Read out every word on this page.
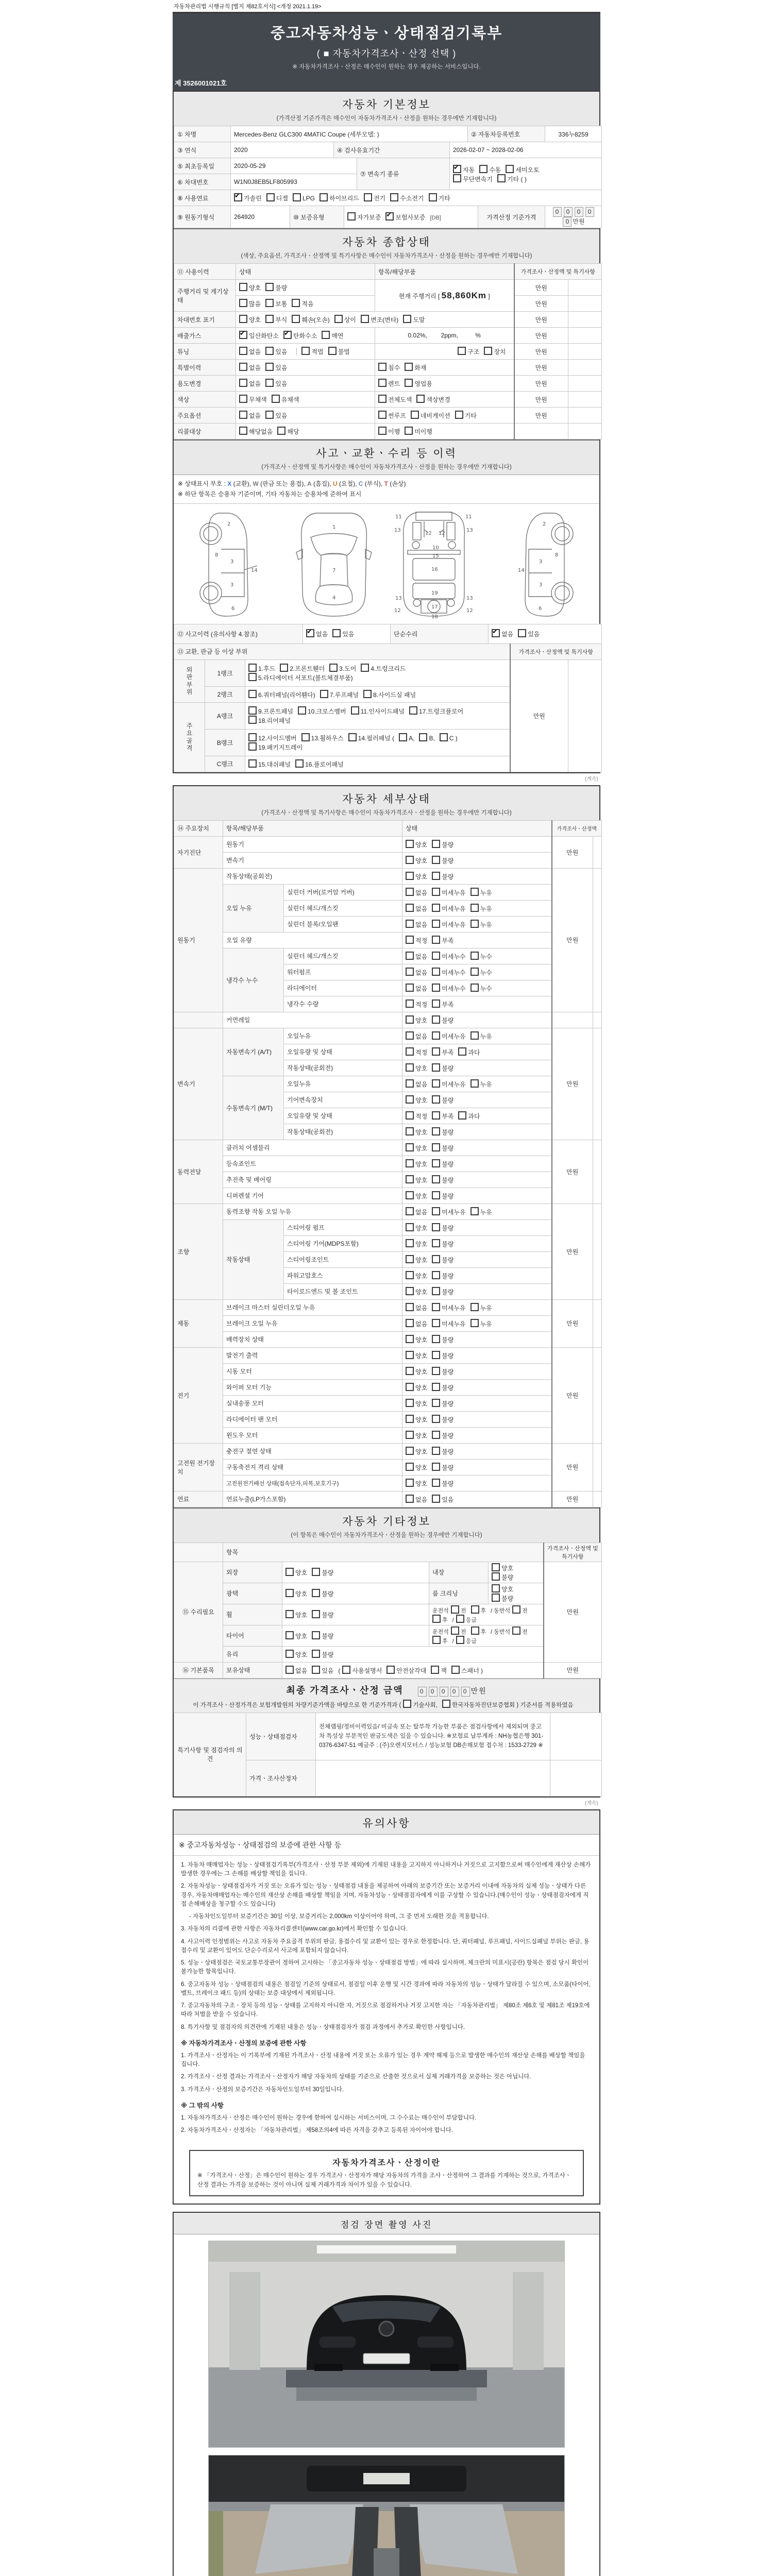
자동차관리법 시행규칙 [별지 제82호서식] <개정 2021.1.19>
중고자동차성능ㆍ상태점검기록부
( ■ 자동차가격조사ㆍ산정 선택 )
※ 자동차가격조사ㆍ산정은 매수인이 원하는 경우 제공하는 서비스입니다.
제 3526001021호
자동차 기본정보
(가격산정 기준가격은 매수인이 자동차가격조사ㆍ산정을 원하는 경우에만 기재합니다)
① 차명	Mercedes-Benz GLC300 4MATIC Coupe (세부모델: )	② 자동차등록번호	336누8259
③ 연식	2020	④ 검사유효기간	2026-02-07 ~ 2028-02-06
⑤ 최초등록일	2020-05-29	⑦ 변속기 종류	
✔자동 수동 세미오토
무단변속기 기타 ( )

⑥ 차대번호	W1N0J8EB5LF805993		
⑧ 사용연료	✔가솔린 디젤 LPG 하이브리드 전기 수소전기 기타
⑨ 원동기형식	264920	⑩ 보증유형	자가보증 ✔ 보험사보증 [DB]	가격산정 기준가격	0 0 0 00 만원
자동차 종합상태
(색상, 주요옵션, 가격조사ㆍ산정액 및 특기사항은 매수인이 자동차가격조사ㆍ산정을 원하는 경우에만 기재합니다)
⑪ 사용이력	상태	항목/해당부품	가격조사ㆍ산정액 및 특기사항	
주행거리 및 계기상태	양호 불량	현재 주행거리 [ 58,860Km ]	만원	
	많음 보통 적음		만원	
차대번호 표기	양호 부식 훼손(오손) 상이 변조(변타) 도말		만원	
배출가스	✔일산화탄소 ✔ 탄화수소 매연	0.02%,        2ppm,          %	만원	
튜닝	없음 있음 적법 불법	구조 장치	만원	
특별이력	없음 있음	침수 화재	만원	
용도변경	없음 있음	렌트 영업용	만원	
색상	무채색 유채색	전체도색 색상변경	만원	
주요옵션	없음 있음	썬루프 네비게이션 기타	만원	
리콜대상	해당없음 해당	이행 미이행		
사고ㆍ교환ㆍ수리 등 이력
(가격조사ㆍ산정액 및 특기사항은 매수인이 자동차가격조사ㆍ산정을 원하는 경우에만 기재합니다)
※ 상태표시 부호 : X (교환), W (판금 또는 용접), A (흠집), U (요철), C (부식), T (손상)
※ 하단 항목은 승용차 기준이며, 기타 자동차는 승용차에 준하여 표시
2
8
3
14
3
6
1
7
4
11	11
13	13
12 12
10
15
16
19
13	13
12	12
17
18
2
8
3
14
3
6
⑫ 사고이력 (유의사항 4.참조)	✔없음 있음	단순수리	✔없음 있음
⑬ 교환, 판금 등 이상 부위			가격조사ㆍ산정액 및 특기사항	

외판부위	1랭크	1.후드 2.프론트휀더 3.도어 4.트렁크리드5.라디에이터 서포트(볼트체결부품)	만원	
	2랭크	6.쿼터패널(리어휀다) 7.루프패널 8.사이드실 패널		

주요골격	A랭크	9.프론트패널 10.크로스멤버 11.인사이드패널 17.트렁크플로어18.리어패널		
	B랭크	12.사이드멤버 13.휠하우스 14.필러패널 ( A, B, C )19.패키지트레이		
	C랭크	15.대쉬패널 16.플로어패널		
(계속)
자동차 세부상태
(가격조사ㆍ산정액 및 특기사항은 매수인이 자동차가격조사ㆍ산정을 원하는 경우에만 기재합니다)
⑭ 주요장치	항목/해당부품		상태	가격조사ㆍ산정액	
자기진단	원동기		양호 불량	만원	
	변속기		양호 불량		
원동기	작동상태(공회전)		양호 불량	만원	
	오일 누유	실린더 커버(로커암 커버)	없음 미세누유 누유		
		실린더 헤드/개스킷	없음 미세누유 누유		
		실린더 블록/오일팬	없음 미세누유 누유		
	오일 유량		적정 부족		
	냉각수 누수	실린더 헤드/개스킷	없음 미세누수 누수		
		워터펌프	없음 미세누수 누수		
		라디에이터	없음 미세누수 누수		
		냉각수 수량	적정 부족		
	커먼레일		양호 불량		
변속기	자동변속기 (A/T)	오일누유	없음 미세누유 누유	만원	
		오일유량 및 상태	적정 부족 과다		
		작동상태(공회전)	양호 불량		
	수동변속기 (M/T)	오일누유	없음 미세누유 누유		
		기어변속장치	양호 불량		
		오일유량 및 상태	적정 부족 과다		
		작동상태(공회전)	양호 불량		
동력전달	클러치 어셈블리		양호 불량	만원	
	등속죠인트		양호 불량		
	추진축 및 베어링		양호 불량		
	디퍼렌셜 기어		양호 불량		
조향	동력조향 작동 오일 누유		없음 미세누유 누유	만원	
	작동상태	스티어링 펌프	양호 불량		
		스티어링 기어(MDPS포함)	양호 불량		
		스티어링조인트	양호 불량		
		파워고압호스	양호 불량		
		타이로드엔드 및 볼 조인트	양호 불량		
제동	브레이크 마스터 실린더오일 누유		없음 미세누유 누유	만원	
	브레이크 오일 누유		없음 미세누유 누유		
	배력장치 상태		양호 불량		
전기	발전기 출력		양호 불량	만원	
	시동 모터		양호 불량		
	와이퍼 모터 기능		양호 불량		
	실내송풍 모터		양호 불량		
	라디에이터 팬 모터		양호 불량		
	윈도우 모터		양호 불량		
고전원 전기장치	충전구 절연 상태		양호 불량	만원	
	구동축전지 격리 상태		양호 불량		
	고전원전기배선 상태(접속단자,피복,보호기구)		양호 불량		
연료	연료누출(LP가스포함)		없음 있음	만원	
자동차 기타정보
(이 항목은 매수인이 자동차가격조사ㆍ산정을 원하는 경우에만 기재합니다)
	항목				가격조사ㆍ산정액 및 특기사항
⑮ 수리필요	외장	양호 불량	내장	양호불량	만원
	광택	양호 불량	룸 크리닝	양호불량	
	휠	양호 불량	운전석 전 후 / 동반석 전후 / 응급		
	타이어	양호 불량	운전석 전 후 / 동반석 전후 / 응급		
	유리	양호 불량			
⑯ 기본품목	보유상태	없음 있음 ( 사용설명서 안전삼각대 잭 스패너 )			만원
최종 가격조사ㆍ산정 금액	0 0 0 0 0 만원
이 가격조사ㆍ산정가격은 보험개발원의 차량기준가액을 바탕으로 한 기준가격과 ( 기술사회, 한국자동차진단보증협회 ) 기준서를 적용하였음
특기사항 및 점검자의 의견	성능ㆍ상태점검자	전체랩핑/정비이력있음/ 비금속 또는 탈부착 가능한 부품은 점검사항에서 제외되며 중고차 특성상 부분적인 판금도색은 있을 수 있습니다. ※보험료 납부계좌 : NH농협은행 301-0376-6347-51 예금주 : (주)오렌지모터스 / 성능보험 DB손해보험 접수처 : 1533-2729 ※	
	가격ㆍ조사산정자		
(계속)
유의사항
※ 중고자동차성능ㆍ상태점검의 보증에 관한 사항 등
1. 자동차 매매업자는 성능ㆍ상태점검기록부(가격조사ㆍ산정 부분 제외)에 기재된 내용을 고지하지 아니하거나 거짓으로 고지함으로써 매수인에게 재산상 손해가 발생한 경우에는 그 손해를 배상할 책임을 집니다.
2. 자동차성능ㆍ상태점검자가 거짓 또는 오류가 있는 성능ㆍ상태점검 내용을 제공하여 아래의 보증기간 또는 보증거리 이내에 자동차의 실제 성능ㆍ상태가 다른 경우, 자동차매매업자는 매수인의 재산상 손해를 배상할 책임을 지며, 자동차성능ㆍ상태점검자에게 이를 구상할 수 있습니다.(매수인이 성능ㆍ상태점검자에게 직접 손해배상을 청구할 수도 있습니다)
- 자동차인도일부터 보증기간은 30일 이상, 보증거리는 2,000km 이상이어야 하며, 그 중 먼저 도래한 것을 적용합니다.
3. 자동차의 리콜에 관한 사항은 자동차리콜센터(www.car.go.kr)에서 확인할 수 있습니다.
4. 사고이력 인정범위는 사고로 자동차 주요골격 부위의 판금, 용접수리 및 교환이 있는 경우로 한정합니다. 단, 쿼터패널, 루프패널, 사이드실패널 부위는 판금, 용접수리 및 교환이 있어도 단순수리로서 사고에 포함되지 않습니다.
5. 성능ㆍ상태점검은 국토교통부장관이 정하여 고시하는 「중고자동차 성능ㆍ상태점검 방법」에 따라 실시하며, 체크란의 미표시(공란) 항목은 점검 당시 확인이 불가능한 항목입니다.
6. 중고자동차 성능ㆍ상태점검의 내용은 점검일 기준의 상태로서, 점검일 이후 운행 및 시간 경과에 따라 자동차의 성능ㆍ상태가 달라질 수 있으며, 소모품(타이어, 벨트, 브레이크 패드 등)의 상태는 보증 대상에서 제외됩니다.
7. 중고자동차의 구조ㆍ장치 등의 성능ㆍ상태를 고지하지 아니한 자, 거짓으로 점검하거나 거짓 고지한 자는 「자동차관리법」 제80조 제6호 및 제81조 제19호에 따라 처벌을 받을 수 있습니다.
8. 특기사항 및 점검자의 의견란에 기재된 내용은 성능ㆍ상태점검자가 점검 과정에서 추가로 확인한 사항입니다.
※ 자동차가격조사ㆍ산정의 보증에 관한 사항
1. 가격조사ㆍ산정자는 이 기록부에 기재된 가격조사ㆍ산정 내용에 거짓 또는 오류가 있는 경우 계약 해제 등으로 발생한 매수인의 재산상 손해를 배상할 책임을 집니다.
2. 가격조사ㆍ산정 결과는 가격조사ㆍ산정자가 해당 자동차의 상태를 기준으로 산출한 것으로서 실제 거래가격을 보증하는 것은 아닙니다.
3. 가격조사ㆍ산정의 보증기간은 자동차인도일부터 30일입니다.
※ 그 밖의 사항
1. 자동차가격조사ㆍ산정은 매수인이 원하는 경우에 한하여 실시하는 서비스이며, 그 수수료는 매수인이 부담합니다.
2. 자동차가격조사ㆍ산정자는 「자동차관리법」 제58조의4에 따른 자격을 갖추고 등록된 자이어야 합니다.
자동차가격조사ㆍ산정이란
※ 「가격조사ㆍ산정」은 매수인이 원하는 경우 가격조사ㆍ산정자가 해당 자동차의 가격을 조사ㆍ산정하여 그 결과를 기재하는 것으로, 가격조사ㆍ산정 결과는 가격을 보증하는 것이 아니며 실제 거래가격과 차이가 있을 수 있습니다.
점검 장면 촬영 사진
